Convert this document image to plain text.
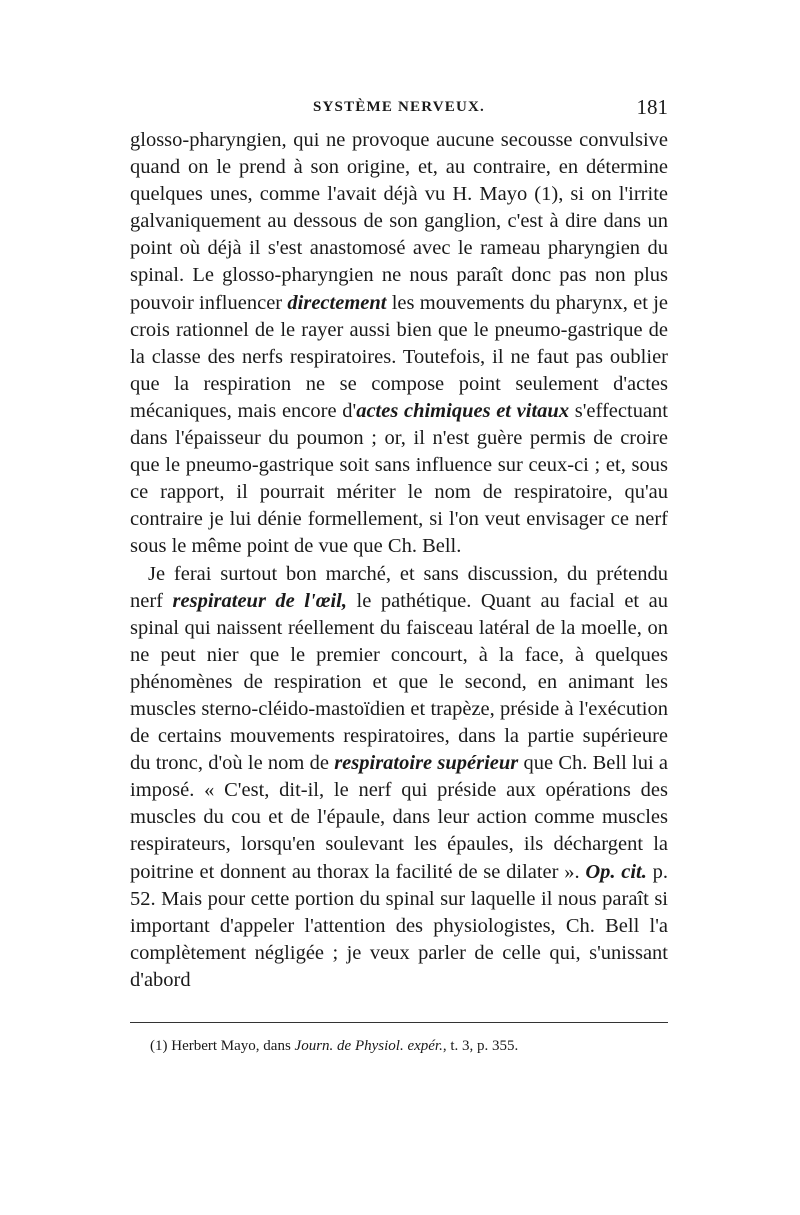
SYSTÈME NERVEUX.	181

glosso-pharyngien, qui ne provoque aucune secousse convulsive quand on le prend à son origine, et, au contraire, en détermine quelques unes, comme l'avait déjà vu H. Mayo (1), si on l'irrite galvaniquement au dessous de son ganglion, c'est à dire dans un point où déjà il s'est anastomosé avec le rameau pharyngien du spinal. Le glosso-pharyngien ne nous paraît donc pas non plus pouvoir influencer directement les mouvements du pharynx, et je crois rationnel de le rayer aussi bien que le pneumo-gastrique de la classe des nerfs respiratoires. Toutefois, il ne faut pas oublier que la respiration ne se compose point seulement d'actes mécaniques, mais encore d'actes chimiques et vitaux s'effectuant dans l'épaisseur du poumon ; or, il n'est guère permis de croire que le pneumo-gastrique soit sans influence sur ceux-ci ; et, sous ce rapport, il pourrait mériter le nom de respiratoire, qu'au contraire je lui dénie formellement, si l'on veut envisager ce nerf sous le même point de vue que Ch. Bell.

Je ferai surtout bon marché, et sans discussion, du prétendu nerf respirateur de l'œil, le pathétique. Quant au facial et au spinal qui naissent réellement du faisceau latéral de la moelle, on ne peut nier que le premier concourt, à la face, à quelques phénomènes de respiration et que le second, en animant les muscles sterno-cléido-mastoïdien et trapèze, préside à l'exécution de certains mouvements respiratoires, dans la partie supérieure du tronc, d'où le nom de respiratoire supérieur que Ch. Bell lui a imposé. « C'est, dit-il, le nerf qui préside aux opérations des muscles du cou et de l'épaule, dans leur action comme muscles respirateurs, lorsqu'en soulevant les épaules, ils déchargent la poitrine et donnent au thorax la facilité de se dilater ». Op. cit. p. 52. Mais pour cette portion du spinal sur laquelle il nous paraît si important d'appeler l'attention des physiologistes, Ch. Bell l'a complètement négligée ; je veux parler de celle qui, s'unissant d'abord

(1) Herbert Mayo, dans Journ. de Physiol. expér., t. 3, p. 355.
